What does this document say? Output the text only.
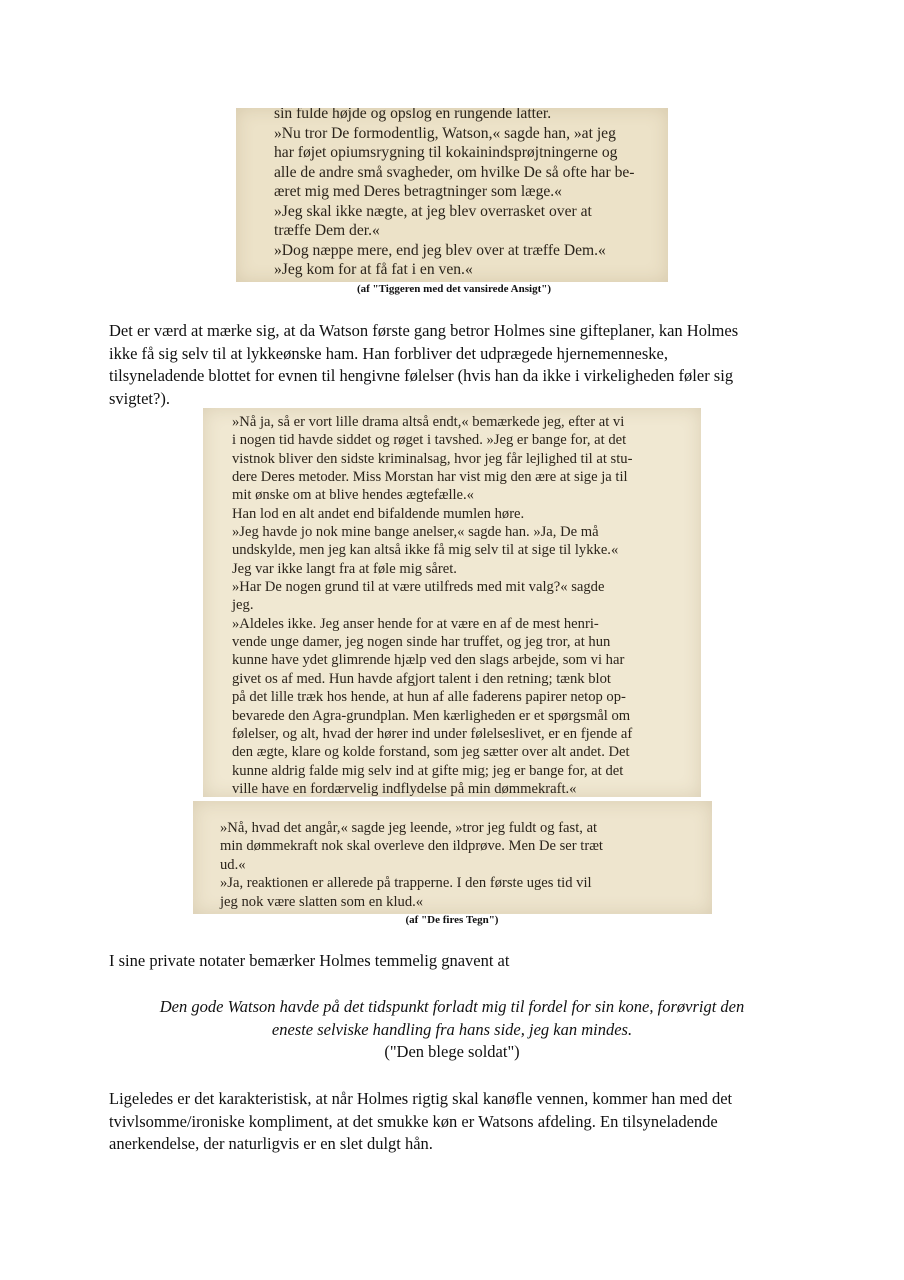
sin fulde højde og opslog en rungende latter.
»Nu tror De formodentlig, Watson,« sagde han, »at jeg
har føjet opiumsrygning til kokainindsprøjtningerne og
alle de andre små svagheder, om hvilke De så ofte har be-
æret mig med Deres betragtninger som læge.«
»Jeg skal ikke nægte, at jeg blev overrasket over at
træffe Dem der.«
»Dog næppe mere, end jeg blev over at træffe Dem.«
»Jeg kom for at få fat i en ven.«
(af "Tiggeren med det vansirede Ansigt")
Det er værd at mærke sig, at da Watson første gang betror Holmes sine gifteplaner, kan Holmes
ikke få sig selv til at lykkeønske ham. Han forbliver det udprægede hjernemenneske,
tilsyneladende blottet for evnen til hengivne følelser (hvis han da ikke i virkeligheden føler sig
svigtet?).
»Nå ja, så er vort lille drama altså endt,« bemærkede jeg, efter at vi
i nogen tid havde siddet og røget i tavshed. »Jeg er bange for, at det
vistnok bliver den sidste kriminalsag, hvor jeg får lejlighed til at stu-
dere Deres metoder. Miss Morstan har vist mig den ære at sige ja til
mit ønske om at blive hendes ægtefælle.«
Han lod en alt andet end bifaldende mumlen høre.
»Jeg havde jo nok mine bange anelser,« sagde han. »Ja, De må
undskylde, men jeg kan altså ikke få mig selv til at sige til lykke.«
Jeg var ikke langt fra at føle mig såret.
»Har De nogen grund til at være utilfreds med mit valg?« sagde
jeg.
»Aldeles ikke. Jeg anser hende for at være en af de mest henri-
vende unge damer, jeg nogen sinde har truffet, og jeg tror, at hun
kunne have ydet glimrende hjælp ved den slags arbejde, som vi har
givet os af med. Hun havde afgjort talent i den retning; tænk blot
på det lille træk hos hende, at hun af alle faderens papirer netop op-
bevarede den Agra-grundplan. Men kærligheden er et spørgsmål om
følelser, og alt, hvad der hører ind under følelseslivet, er en fjende af
den ægte, klare og kolde forstand, som jeg sætter over alt andet. Det
kunne aldrig falde mig selv ind at gifte mig; jeg er bange for, at det
ville have en fordærvelig indflydelse på min dømmekraft.«
»Nå, hvad det angår,« sagde jeg leende, »tror jeg fuldt og fast, at
min dømmekraft nok skal overleve den ildprøve. Men De ser træt
ud.«
»Ja, reaktionen er allerede på trapperne. I den første uges tid vil
jeg nok være slatten som en klud.«
(af "De fires Tegn")
I sine private notater bemærker Holmes temmelig gnavent at
Den gode Watson havde på det tidspunkt forladt mig til fordel for sin kone, forøvrigt den
eneste selviske handling fra hans side, jeg kan mindes.
("Den blege soldat")
Ligeledes er det karakteristisk, at når Holmes rigtig skal kanøfle vennen, kommer han med det
tvivlsomme/ironiske kompliment, at det smukke køn er Watsons afdeling. En tilsyneladende
anerkendelse, der naturligvis er en slet dulgt hån.
